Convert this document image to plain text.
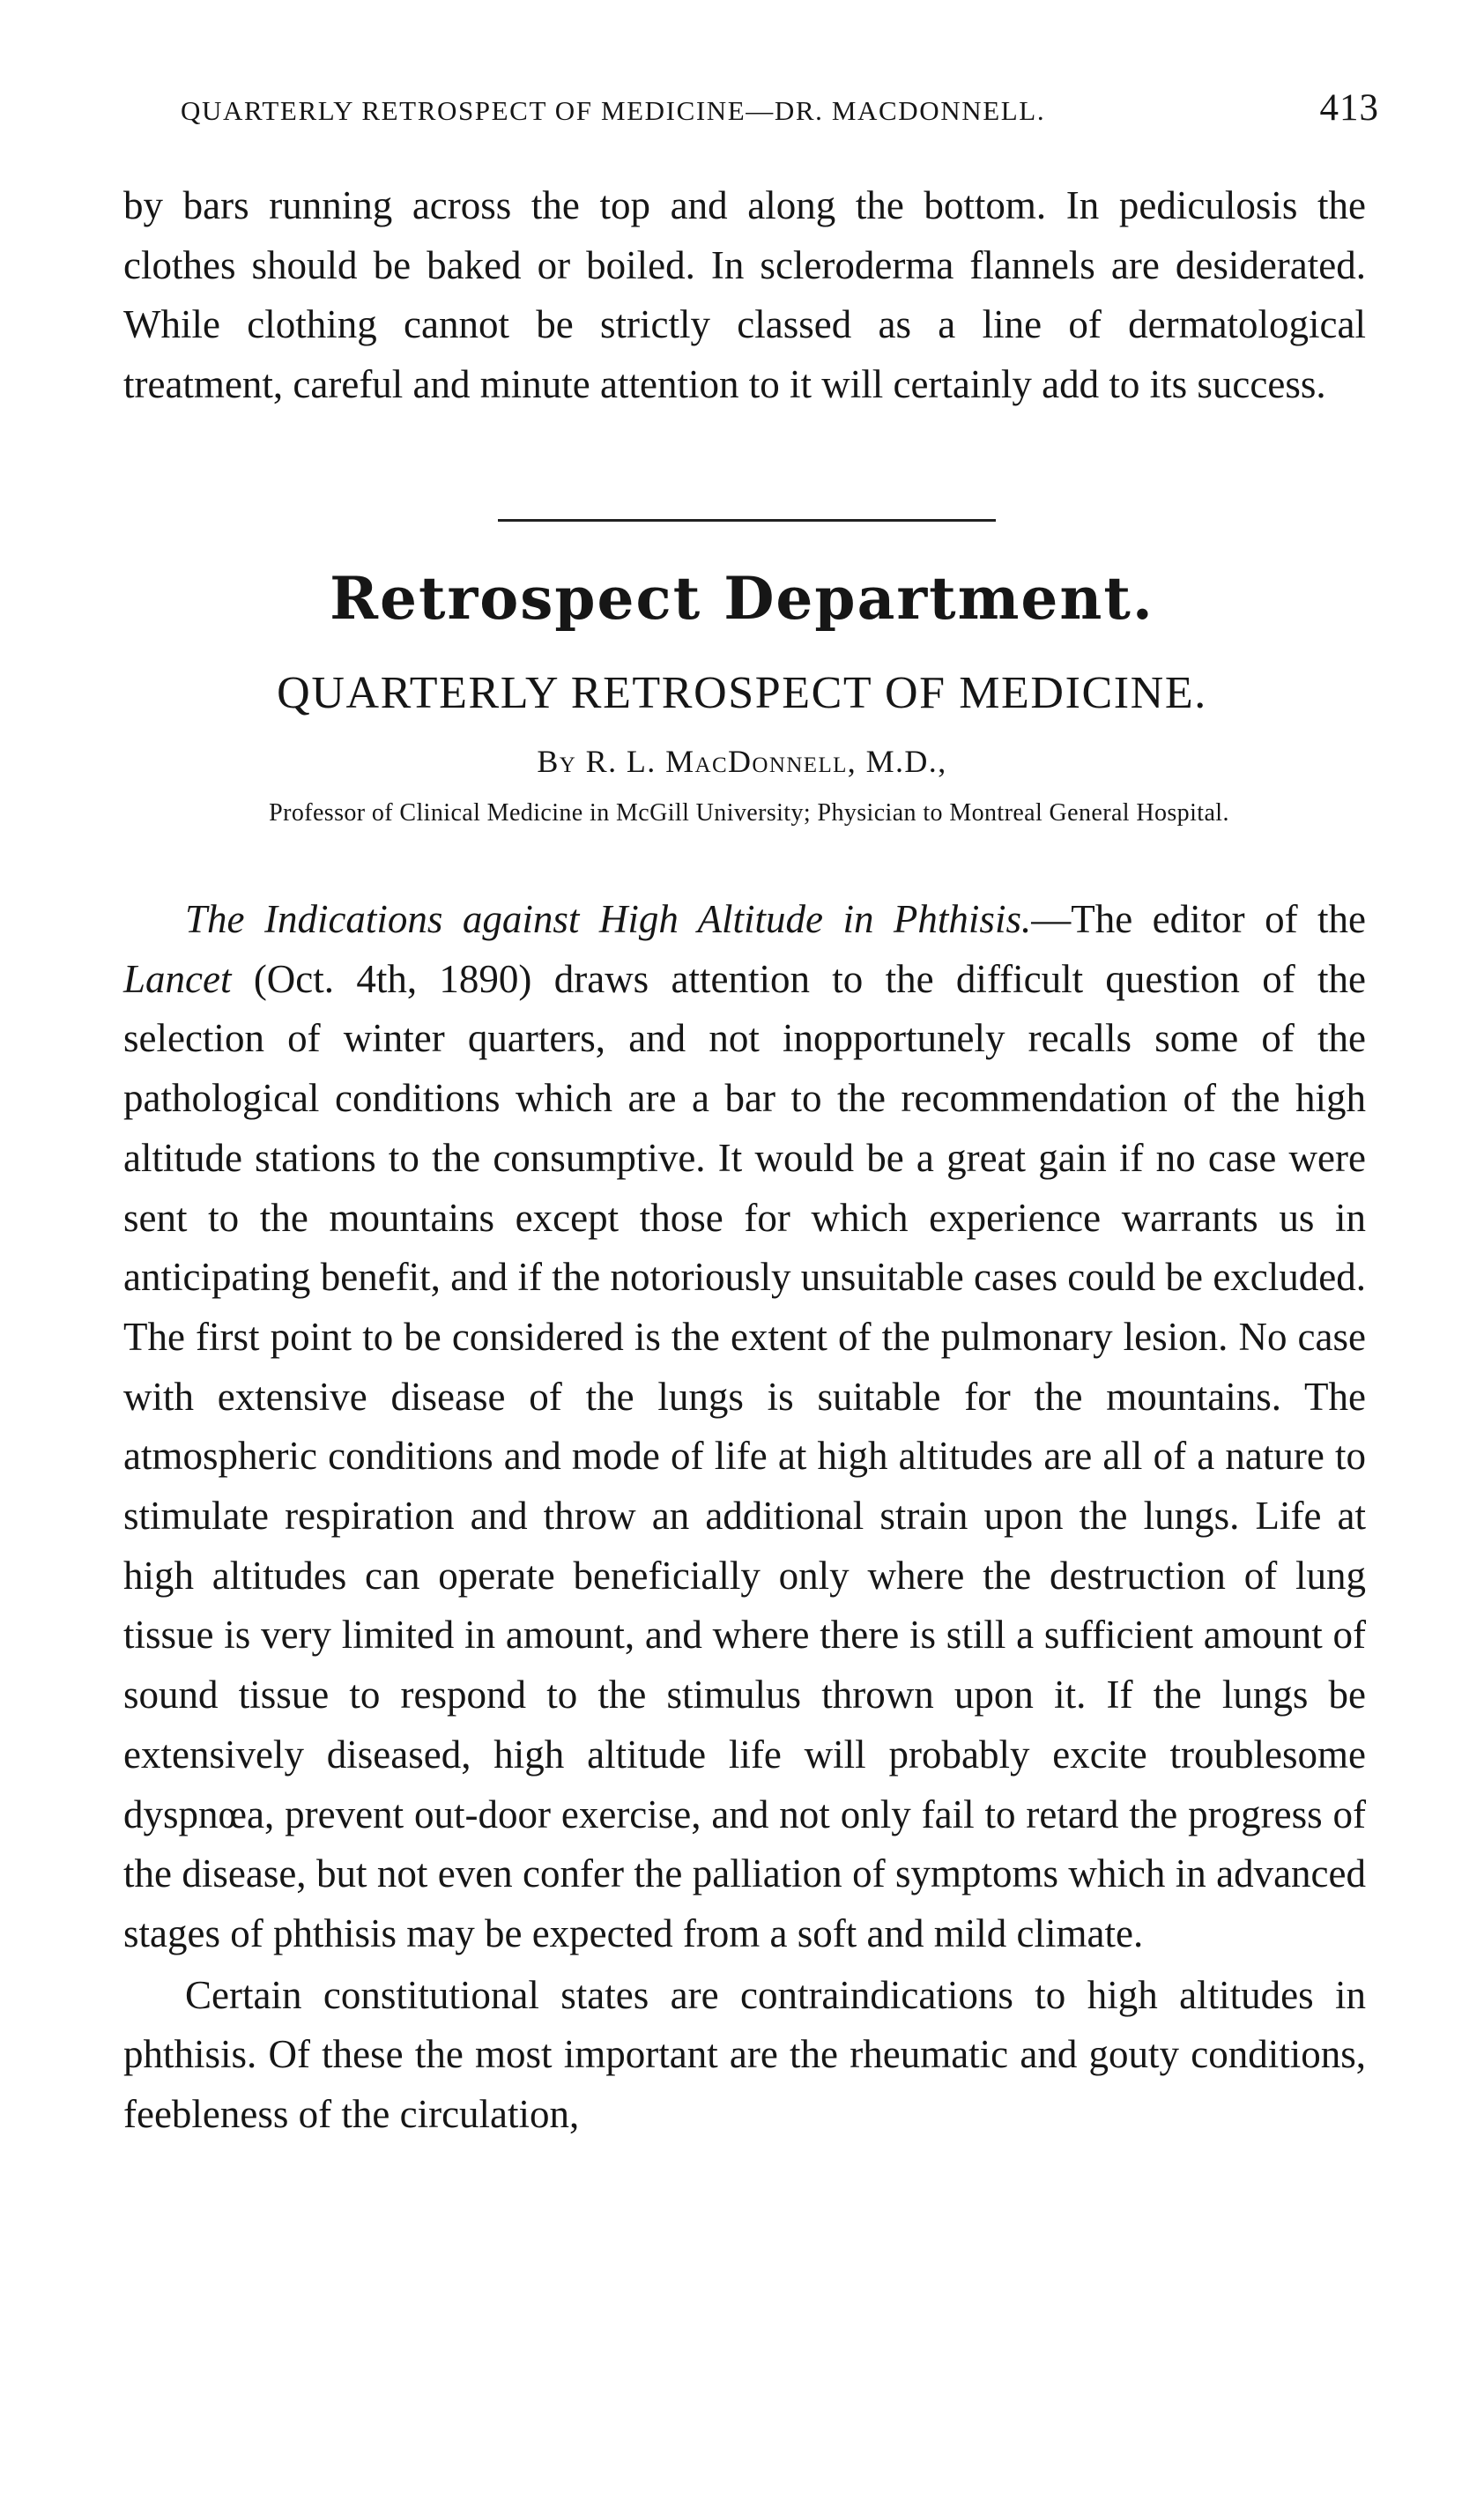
QUARTERLY RETROSPECT OF MEDICINE—DR. MACDONNELL.	413

by bars running across the top and along the bottom. In pediculosis the clothes should be baked or boiled. In scleroderma flannels are desiderated. While clothing cannot be strictly classed as a line of dermatological treatment, careful and minute attention to it will certainly add to its success.

Retrospect Department.
QUARTERLY RETROSPECT OF MEDICINE.
By R. L. MacDonnell, M.D.,
Professor of Clinical Medicine in McGill University; Physician to Montreal General Hospital.

The Indications against High Altitude in Phthisis.—The editor of the Lancet (Oct. 4th, 1890) draws attention to the difficult question of the selection of winter quarters, and not inopportunely recalls some of the pathological conditions which are a bar to the recommendation of the high altitude stations to the consumptive. It would be a great gain if no case were sent to the mountains except those for which experience warrants us in anticipating benefit, and if the notoriously unsuitable cases could be excluded. The first point to be considered is the extent of the pulmonary lesion. No case with extensive disease of the lungs is suitable for the mountains. The atmospheric conditions and mode of life at high altitudes are all of a nature to stimulate respiration and throw an additional strain upon the lungs. Life at high altitudes can operate beneficially only where the destruction of lung tissue is very limited in amount, and where there is still a sufficient amount of sound tissue to respond to the stimulus thrown upon it. If the lungs be extensively diseased, high altitude life will probably excite troublesome dyspnœa, prevent out-door exercise, and not only fail to retard the progress of the disease, but not even confer the palliation of symptoms which in advanced stages of phthisis may be expected from a soft and mild climate.

Certain constitutional states are contraindications to high altitudes in phthisis. Of these the most important are the rheumatic and gouty conditions, feebleness of the circulation,
